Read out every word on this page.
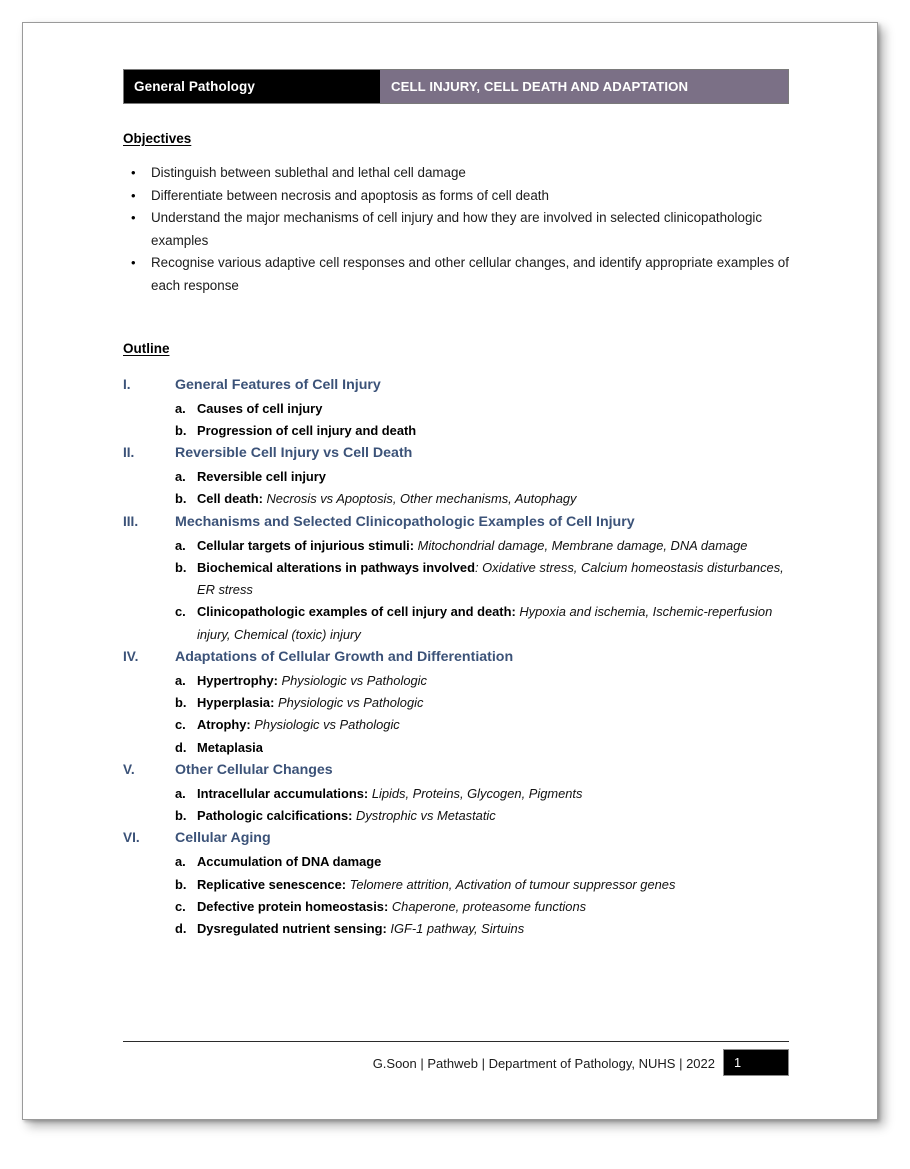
General Pathology	CELL INJURY, CELL DEATH AND ADAPTATION
Objectives
• Distinguish between sublethal and lethal cell damage
• Differentiate between necrosis and apoptosis as forms of cell death
• Understand the major mechanisms of cell injury and how they are involved in selected clinicopathologic examples
• Recognise various adaptive cell responses and other cellular changes, and identify appropriate examples of each response
Outline
I.	General Features of Cell Injury
a. Causes of cell injury
b. Progression of cell injury and death
II.	Reversible Cell Injury vs Cell Death
a. Reversible cell injury
b. Cell death: Necrosis vs Apoptosis, Other mechanisms, Autophagy
III.	Mechanisms and Selected Clinicopathologic Examples of Cell Injury
a. Cellular targets of injurious stimuli: Mitochondrial damage, Membrane damage, DNA damage
b. Biochemical alterations in pathways involved: Oxidative stress, Calcium homeostasis disturbances, ER stress
c. Clinicopathologic examples of cell injury and death: Hypoxia and ischemia, Ischemic-reperfusion injury, Chemical (toxic) injury
IV.	Adaptations of Cellular Growth and Differentiation
a. Hypertrophy: Physiologic vs Pathologic
b. Hyperplasia: Physiologic vs Pathologic
c. Atrophy: Physiologic vs Pathologic
d. Metaplasia
V.	Other Cellular Changes
a. Intracellular accumulations: Lipids, Proteins, Glycogen, Pigments
b. Pathologic calcifications: Dystrophic vs Metastatic
VI. Cellular Aging
a. Accumulation of DNA damage
b. Replicative senescence: Telomere attrition, Activation of tumour suppressor genes
c. Defective protein homeostasis: Chaperone, proteasome functions
d. Dysregulated nutrient sensing: IGF-1 pathway, Sirtuins
G.Soon | Pathweb | Department of Pathology, NUHS | 2022	1
